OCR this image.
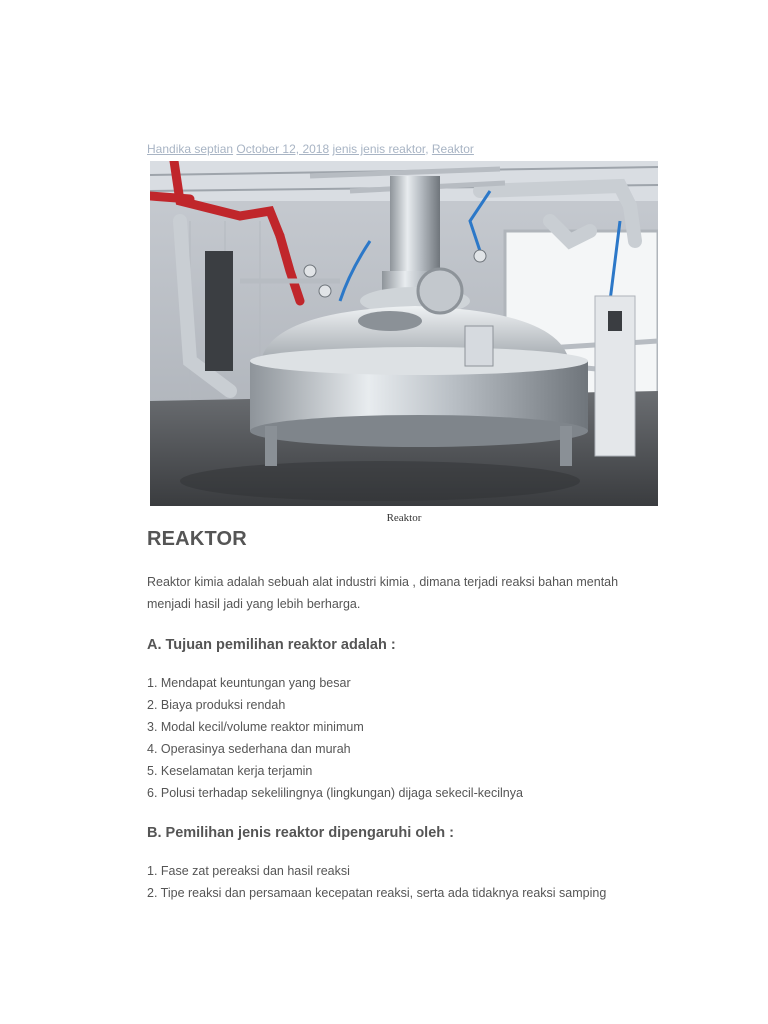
Handika septian October 12, 2018 jenis jenis reaktor, Reaktor
Reaktor
REAKTOR

Reaktor kimia adalah sebuah alat industri kimia , dimana terjadi reaksi bahan mentah menjadi hasil jadi yang lebih berharga.

A. Tujuan pemilihan reaktor adalah :
1. Mendapat keuntungan yang besar
2. Biaya produksi rendah
3. Modal kecil/volume reaktor minimum
4. Operasinya sederhana dan murah
5. Keselamatan kerja terjamin
6. Polusi terhadap sekelilingnya (lingkungan) dijaga sekecil-kecilnya
B. Pemilihan jenis reaktor dipengaruhi oleh :
1. Fase zat pereaksi dan hasil reaksi
2. Tipe reaksi dan persamaan kecepatan reaksi, serta ada tidaknya reaksi samping
